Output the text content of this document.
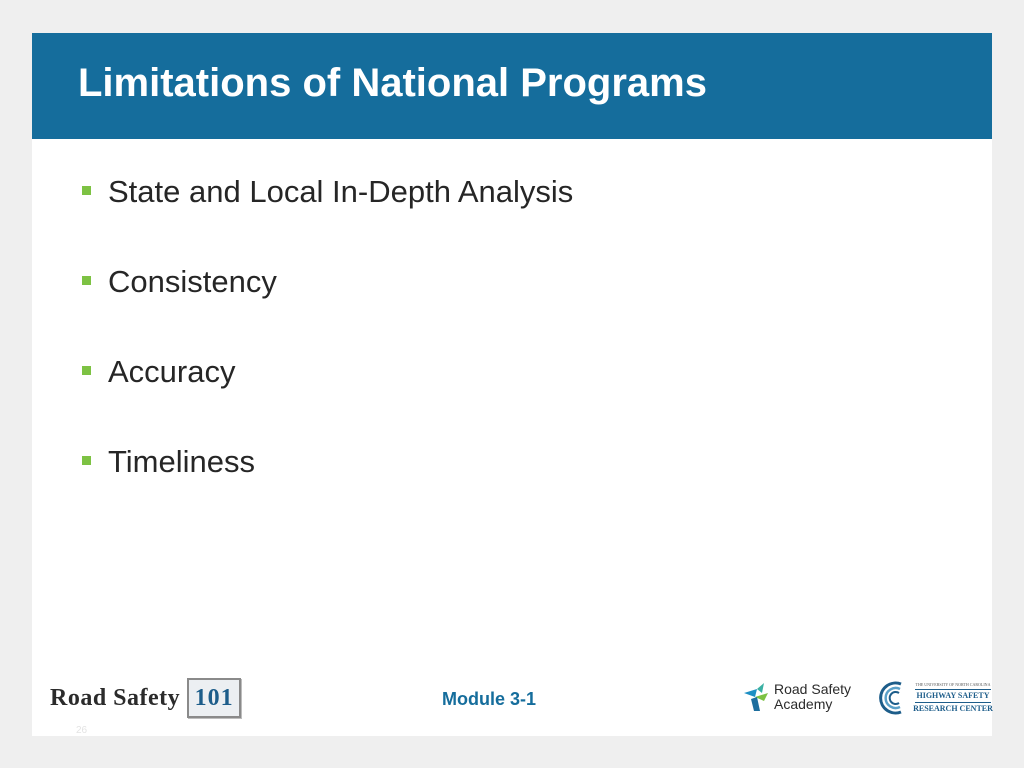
Limitations of National Programs
State and Local In-Depth Analysis
Consistency
Accuracy
Timeliness
Road Safety 101	Module 3-1	Road Safety
Academy
THE UNIVERSITY OF NORTH CAROLINA
HIGHWAY SAFETY
RESEARCH CENTER
26
